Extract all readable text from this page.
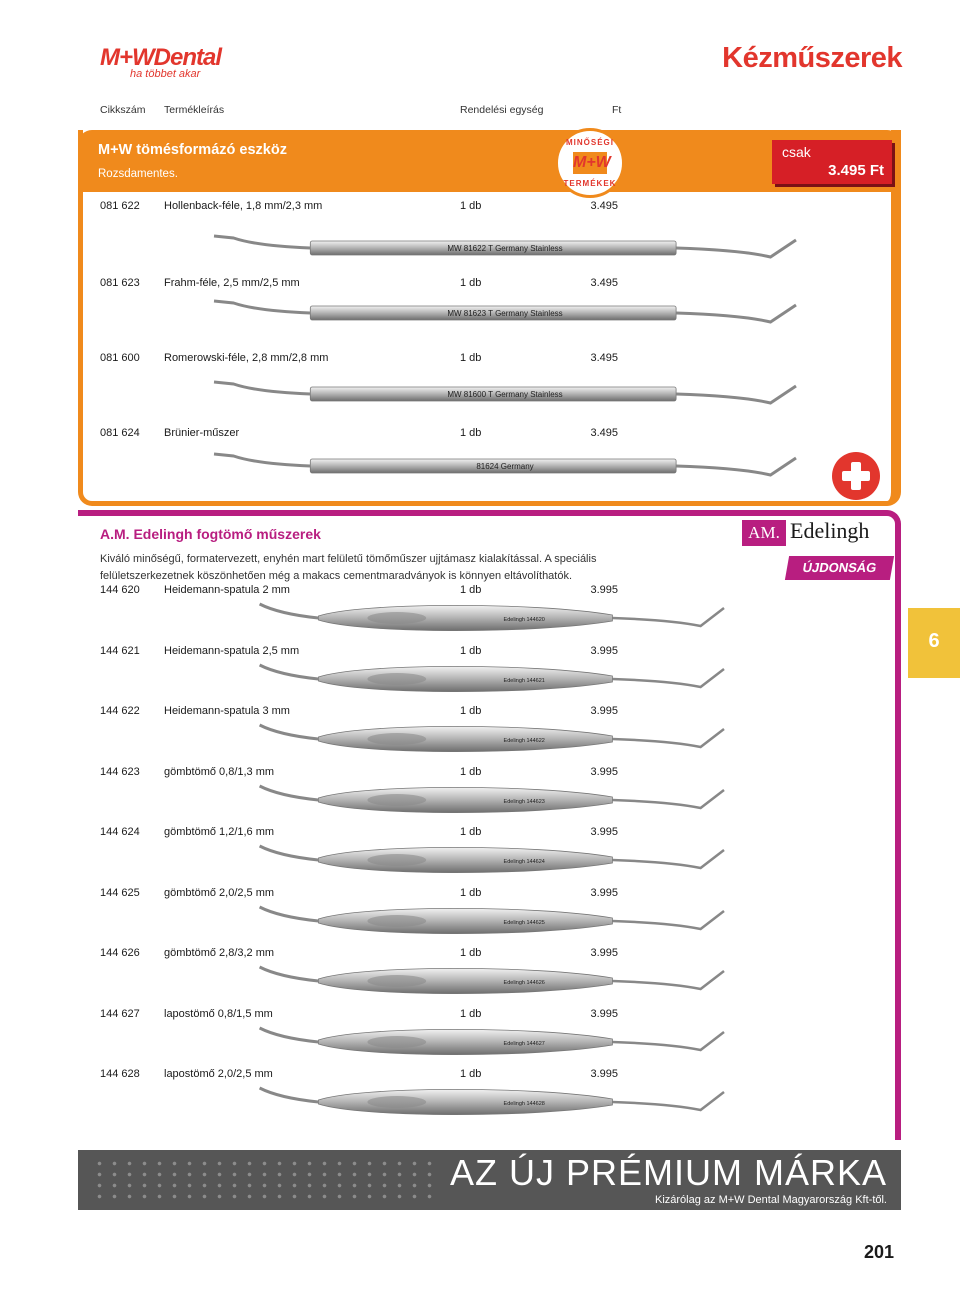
M+WDental
ha többet akar	Kézműszerek
Cikkszám Termékleírás	Rendelési egység	Ft
M+W tömésformázó eszköz
Rozsdamentes.
MINŐSÉGI
M+W
TERMÉKEK
csak
3.495 Ft
081 622 Hollenback-féle, 1,8 mm/2,3 mm	1 db	3.495
MW 81622 T Germany Stainless
081 623 Frahm-féle, 2,5 mm/2,5 mm	1 db	3.495
MW 81623 T Germany Stainless
081 600 Romerowski-féle, 2,8 mm/2,8 mm	1 db	3.495
MW 81600 T Germany Stainless
081 624 Brünier-műszer	1 db	3.495
81624 Germany
A.M. Edelingh fogtömő műszerek
Kiváló minőségű, formatervezett, enyhén mart felületű tömőműszer ujjtámasz kialakítással. A speciális felületszerkezetnek köszönhetően még a makacs cementmaradványok is könnyen eltávolíthatók.
AM. Edelingh
ÚJDONSÁG
6
144 620 Heidemann-spatula 2 mm	1 db	3.995
Edelingh 144620
144 621 Heidemann-spatula 2,5 mm	1 db	3.995
Edelingh 144621
144 622 Heidemann-spatula 3 mm	1 db	3.995
Edelingh 144622
144 623 gömbtömő 0,8/1,3 mm	1 db	3.995
Edelingh 144623
144 624 gömbtömő 1,2/1,6 mm	1 db	3.995
Edelingh 144624
144 625 gömbtömő 2,0/2,5 mm	1 db	3.995
Edelingh 144625
144 626 gömbtömő 2,8/3,2 mm	1 db	3.995
Edelingh 144626
144 627 lapostömő 0,8/1,5 mm	1 db	3.995
Edelingh 144627
144 628 lapostömő 2,0/2,5 mm	1 db	3.995
Edelingh 144628
AZ ÚJ PRÉMIUM MÁRKA
Kizárólag az M+W Dental Magyarország Kft-től.
201
